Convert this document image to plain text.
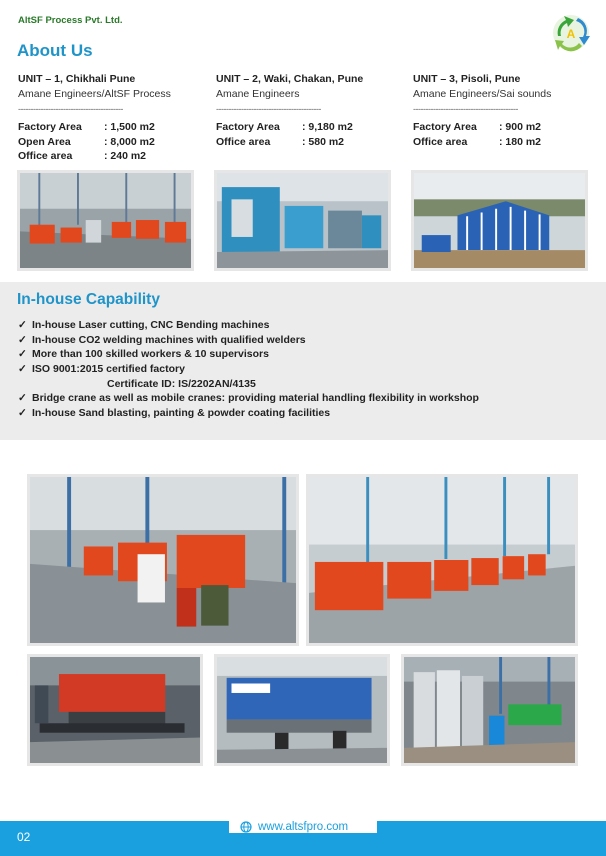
AltSF Process Pvt. Ltd.
A
About Us
UNIT – 1, Chikhali Pune
Amane Engineers/AltSF Process
------------------------------------------
Factory Area	: 1,500 m2
Open Area	: 8,000 m2
Office area	: 240 m2
UNIT – 2, Waki, Chakan, Pune
Amane Engineers
------------------------------------------
Factory Area	: 9,180 m2
Office area	: 580 m2
UNIT – 3, Pisoli, Pune
Amane Engineers/Sai sounds
------------------------------------------
Factory Area	: 900 m2
Office area	: 180 m2
In-house Capability
✓ In-house Laser cutting, CNC Bending machines
✓ In-house CO2 welding machines with qualified welders
✓ More than 100 skilled workers & 10 supervisors
✓ ISO 9001:2015 certified factory
Certificate ID: IS/2202AN/4135
✓ Bridge crane as well as mobile cranes: providing material handling flexibility in workshop
✓ In-house Sand blasting, painting & powder coating facilities
02
www.altsfpro.com
